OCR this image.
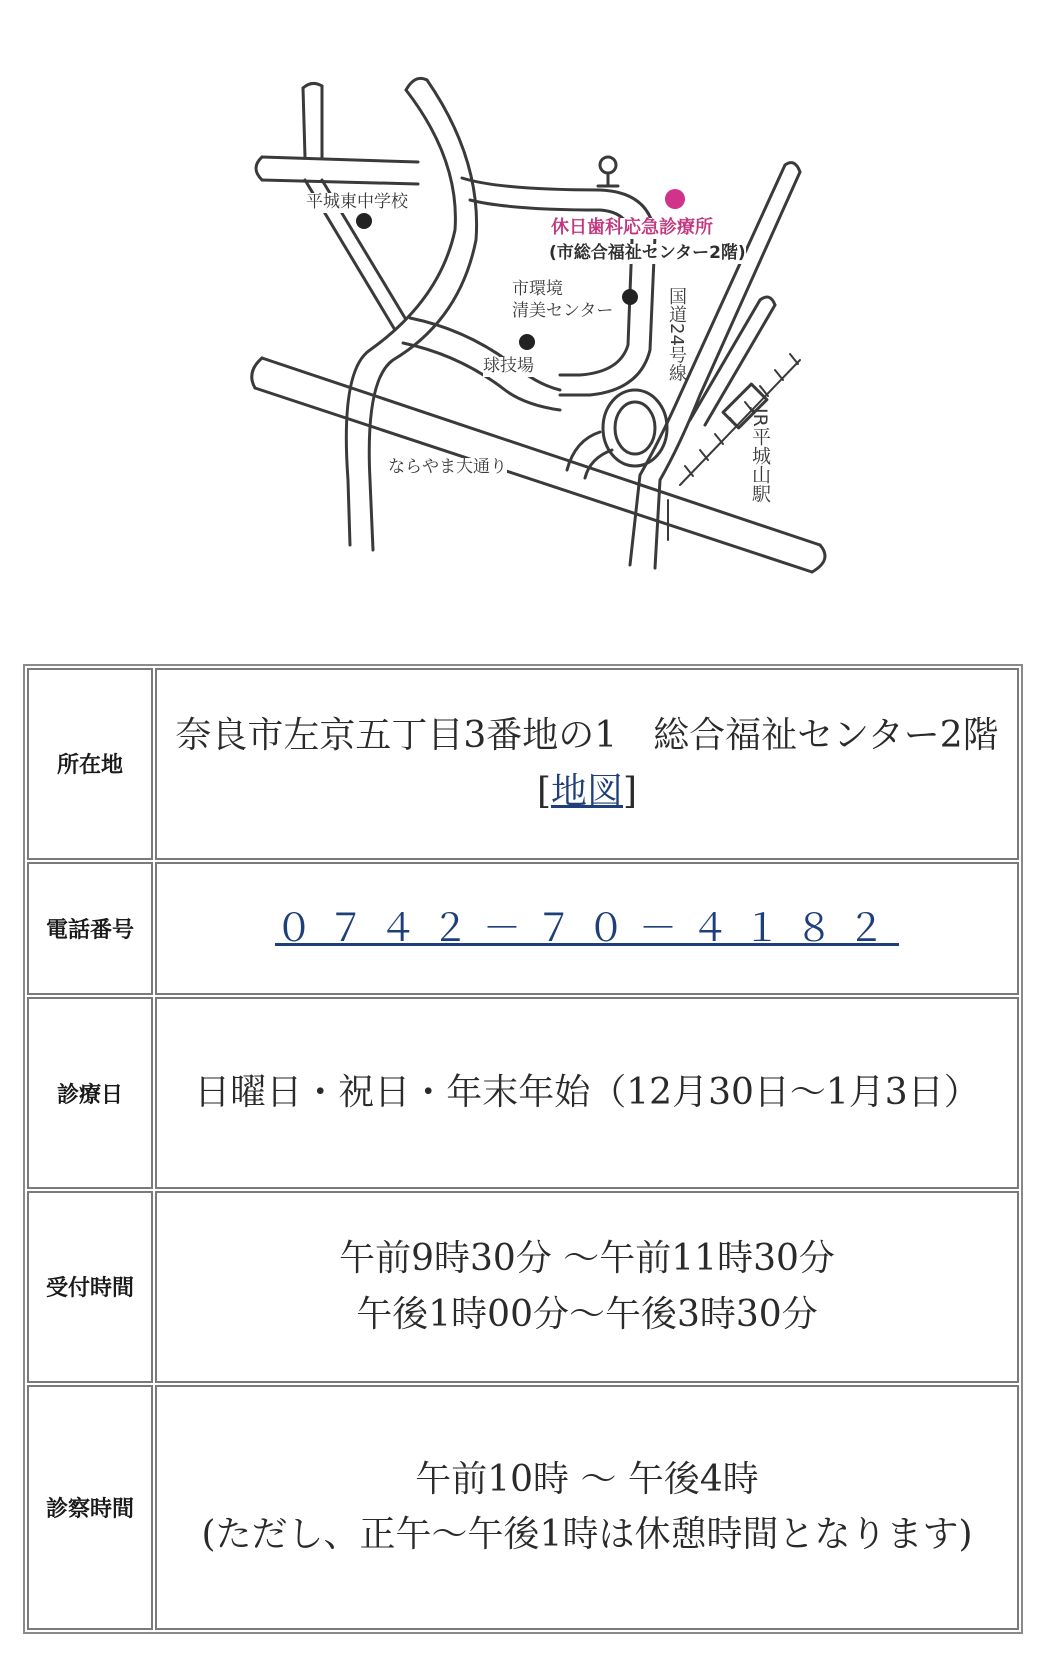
平城東中学校
休日歯科応急診療所
(市総合福祉センター2階)
市環境
清美センター
球技場	国道24号線
ならやま大通り	JR平城山駅
所在地	奈良市左京五丁目3番地の1　総合福祉センター2階[地図]
電話番号	０７４２－７０－４１８２
診療日	日曜日・祝日・年末年始（12月30日～1月3日）
受付時間	午前9時30分 ～午前11時30分
午後1時00分～午後3時30分

診察時間	午前10時 ～ 午後4時
(ただし、正午～午後1時は休憩時間となります)
